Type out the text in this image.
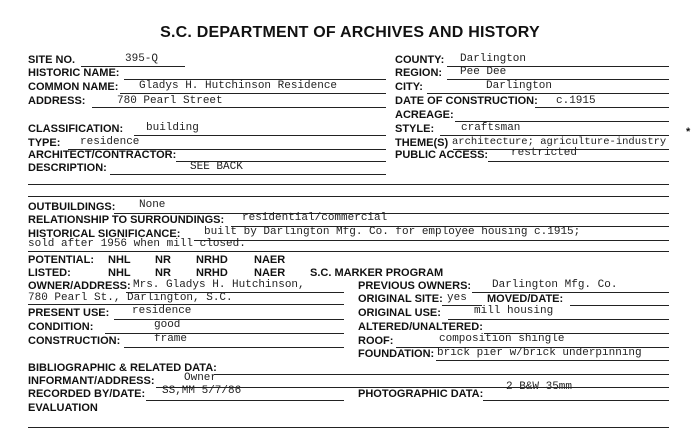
S.C. DEPARTMENT OF ARCHIVES AND HISTORY
SITE NO.	395-Q
HISTORIC NAME:
COMMON NAME: Gladys H. Hutchinson Residence
ADDRESS:	780 Pearl Street
COUNTY: Darlington
REGION: Pee Dee
CITY:	Darlington
DATE OF CONSTRUCTION: c.1915
ACREAGE:
CLASSIFICATION: building
TYPE: residence
ARCHITECT/CONTRACTOR:
DESCRIPTION:	SEE BACK
STYLE: craftsman
THEME(S) architecture; agriculture-industry
*
PUBLIC ACCESS: restricted
OUTBUILDINGS: None
RELATIONSHIP TO SURROUNDINGS: residential/commercial
HISTORICAL SIGNIFICANCE: built by Darlington Mfg. Co. for employee housing c.1915;
sold after 1956 when mill closed.
POTENTIAL: NHL NR NRHD NAER
LISTED:	NHL NR NRHD NAER S.C. MARKER PROGRAM
OWNER/ADDRESS: Mrs. Gladys H. Hutchinson,
780 Pearl St., Darlington, S.C.
PRESENT USE: residence
CONDITION:	good
CONSTRUCTION:	frame
PREVIOUS OWNERS: Darlington Mfg. Co.
ORIGINAL SITE: yes MOVED/DATE:
ORIGINAL USE:	mill housing
ALTERED/UNALTERED:
ROOF:	composition shingle
FOUNDATION: brick pier w/brick underpinning
BIBLIOGRAPHIC & RELATED DATA:
INFORMANT/ADDRESS:	Owner
RECORDED BY/DATE: SS,MM 5/7/86	PHOTOGRAPHIC DATA:
2 B&W 35mm
EVALUATION
